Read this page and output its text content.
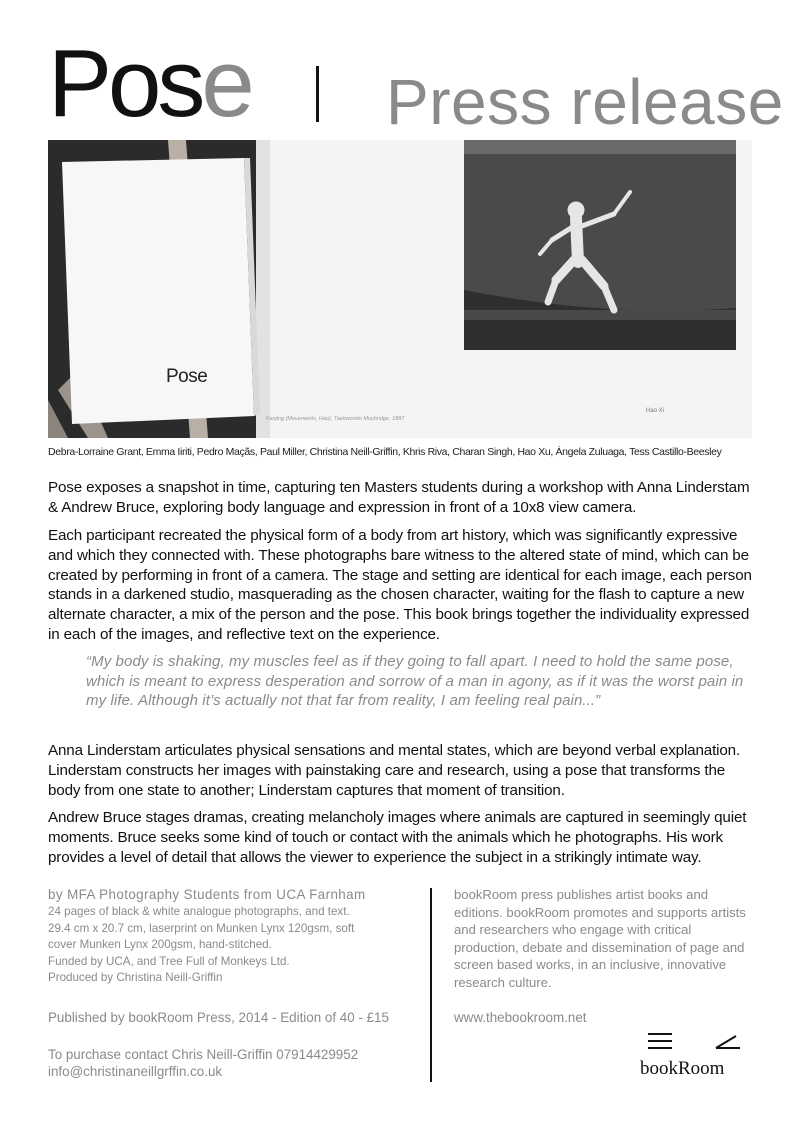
Pose Press release
Pose
Hao Xi
Fanjing (Movements, Hao), Taekwondo Muybridge, 1887
Debra-Lorraine Grant, Emma Iiriti, Pedro Maçãs, Paul Miller, Christina Neill-Griffin, Khris Riva, Charan Singh, Hao Xu, Ángela Zuluaga, Tess Castillo-Beesley
Pose exposes a snapshot in time, capturing ten Masters students during a workshop with Anna Linderstam & Andrew Bruce, exploring body language and expression in front of a 10x8 view camera.
Each participant recreated the physical form of a body from art history, which was significantly expressive and which they connected with. These photographs bare witness to the altered state of mind, which can be created by performing in front of a camera. The stage and setting are identical for each image, each person stands in a darkened studio, masquerading as the chosen character, waiting for the flash to capture a new alternate character, a mix of the person and the pose. This book brings together the individuality expressed in each of the images, and reflective text on the experience.
“My body is shaking, my muscles feel as if they going to fall apart. I need to hold the same pose, which is meant to express desperation and sorrow of a man in agony, as if it was the worst pain in my life. Although it’s actually not that far from reality, I am feeling real pain...”
Anna Linderstam articulates physical sensations and mental states, which are beyond verbal explanation. Linderstam constructs her images with painstaking care and research, using a pose that transforms the body from one state to another; Linderstam captures that moment of transition.
Andrew Bruce stages dramas, creating melancholy images where animals are captured in seemingly quiet moments. Bruce seeks some kind of touch or contact with the animals which he photographs. His work provides a level of detail that allows the viewer to experience the subject in a strikingly intimate way.
by MFA Photography Students from UCA Farnham
24 pages of black & white analogue photographs, and text.
29.4 cm x 20.7 cm, laserprint on Munken Lynx 120gsm, soft
cover Munken Lynx 200gsm, hand-stitched.
Funded by UCA, and Tree Full of Monkeys Ltd.
Produced by Christina Neill-Griffin
Published by bookRoom Press, 2014 - Edition of 40 - £15
To purchase contact Chris Neill-Griffin 07914429952
info@christinaneillgrffin.co.uk
bookRoom press publishes artist books and editions. bookRoom promotes and supports artists and researchers who engage with critical production, debate and dissemination of page and screen based works, in an inclusive, innovative research culture.
www.thebookroom.net
bookRoom
